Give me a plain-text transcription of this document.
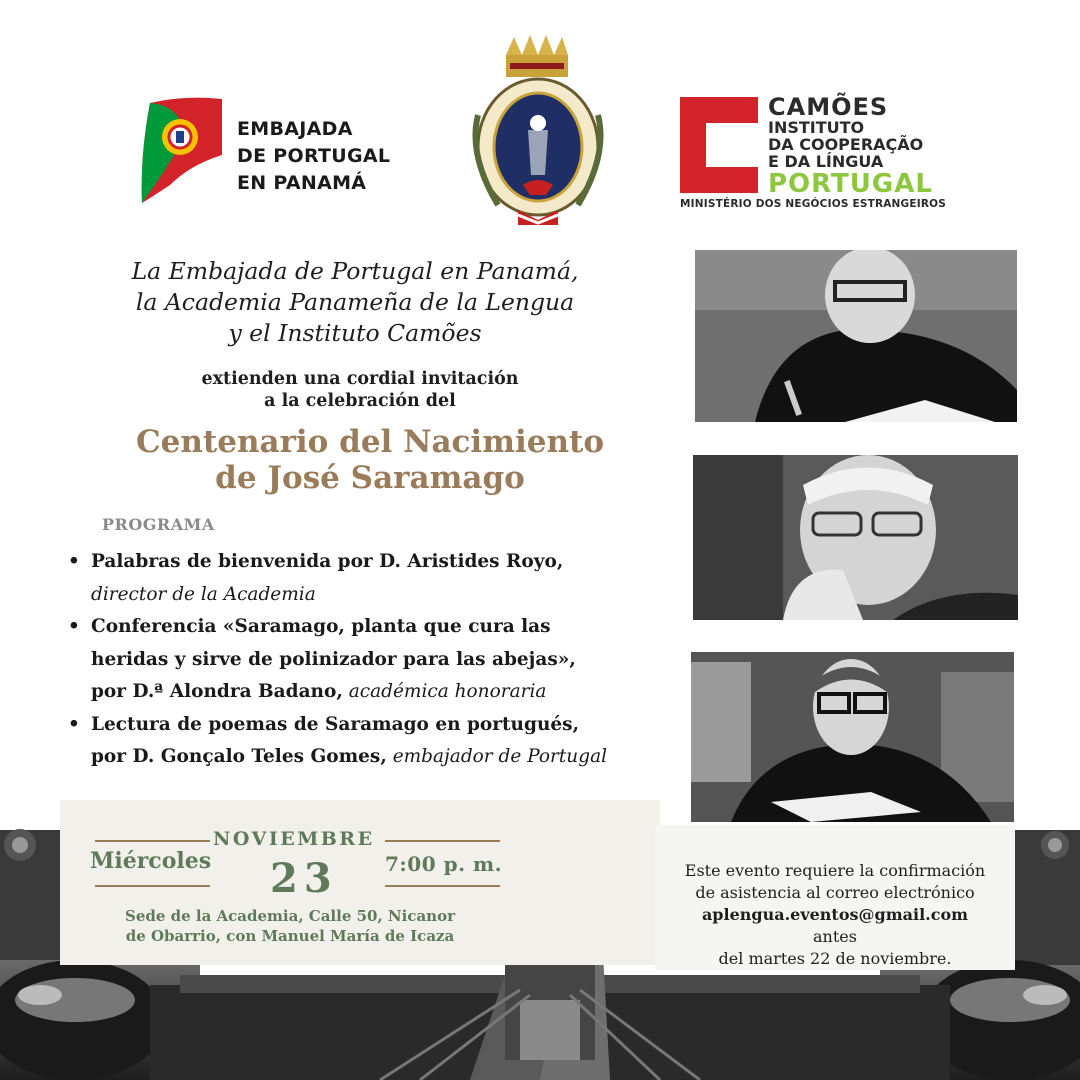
EMBAJADA
DE PORTUGAL
EN PANAMÁ
CAMÕES
INSTITUTO
DA COOPERAÇÃO
E DA LÍNGUA
PORTUGAL
MINISTÉRIO DOS NEGÓCIOS ESTRANGEIROS
La Embajada de Portugal en Panamá,
la Academia Panameña de la Lengua
y el Instituto Camões
extienden una cordial invitación
a la celebración del
Centenario del Nacimiento
de José Saramago
PROGRAMA
• Palabras de bienvenida por D. Aristides Royo,
director de la Academia
• Conferencia «Saramago, planta que cura las
heridas y sirve de polinizador para las abejas»,
por D.ª Alondra Badano, académica honoraria
• Lectura de poemas de Saramago en portugués,
por D. Gonçalo Teles Gomes, embajador de Portugal
NOVIEMBRE
Miércoles 23 7:00 p. m.
Sede de la Academia, Calle 50, Nicanor
de Obarrio, con Manuel María de Icaza
Este evento requiere la confirmación
de asistencia al correo electrónico
aplengua.eventos@gmail.com
antes
del martes 22 de noviembre.
